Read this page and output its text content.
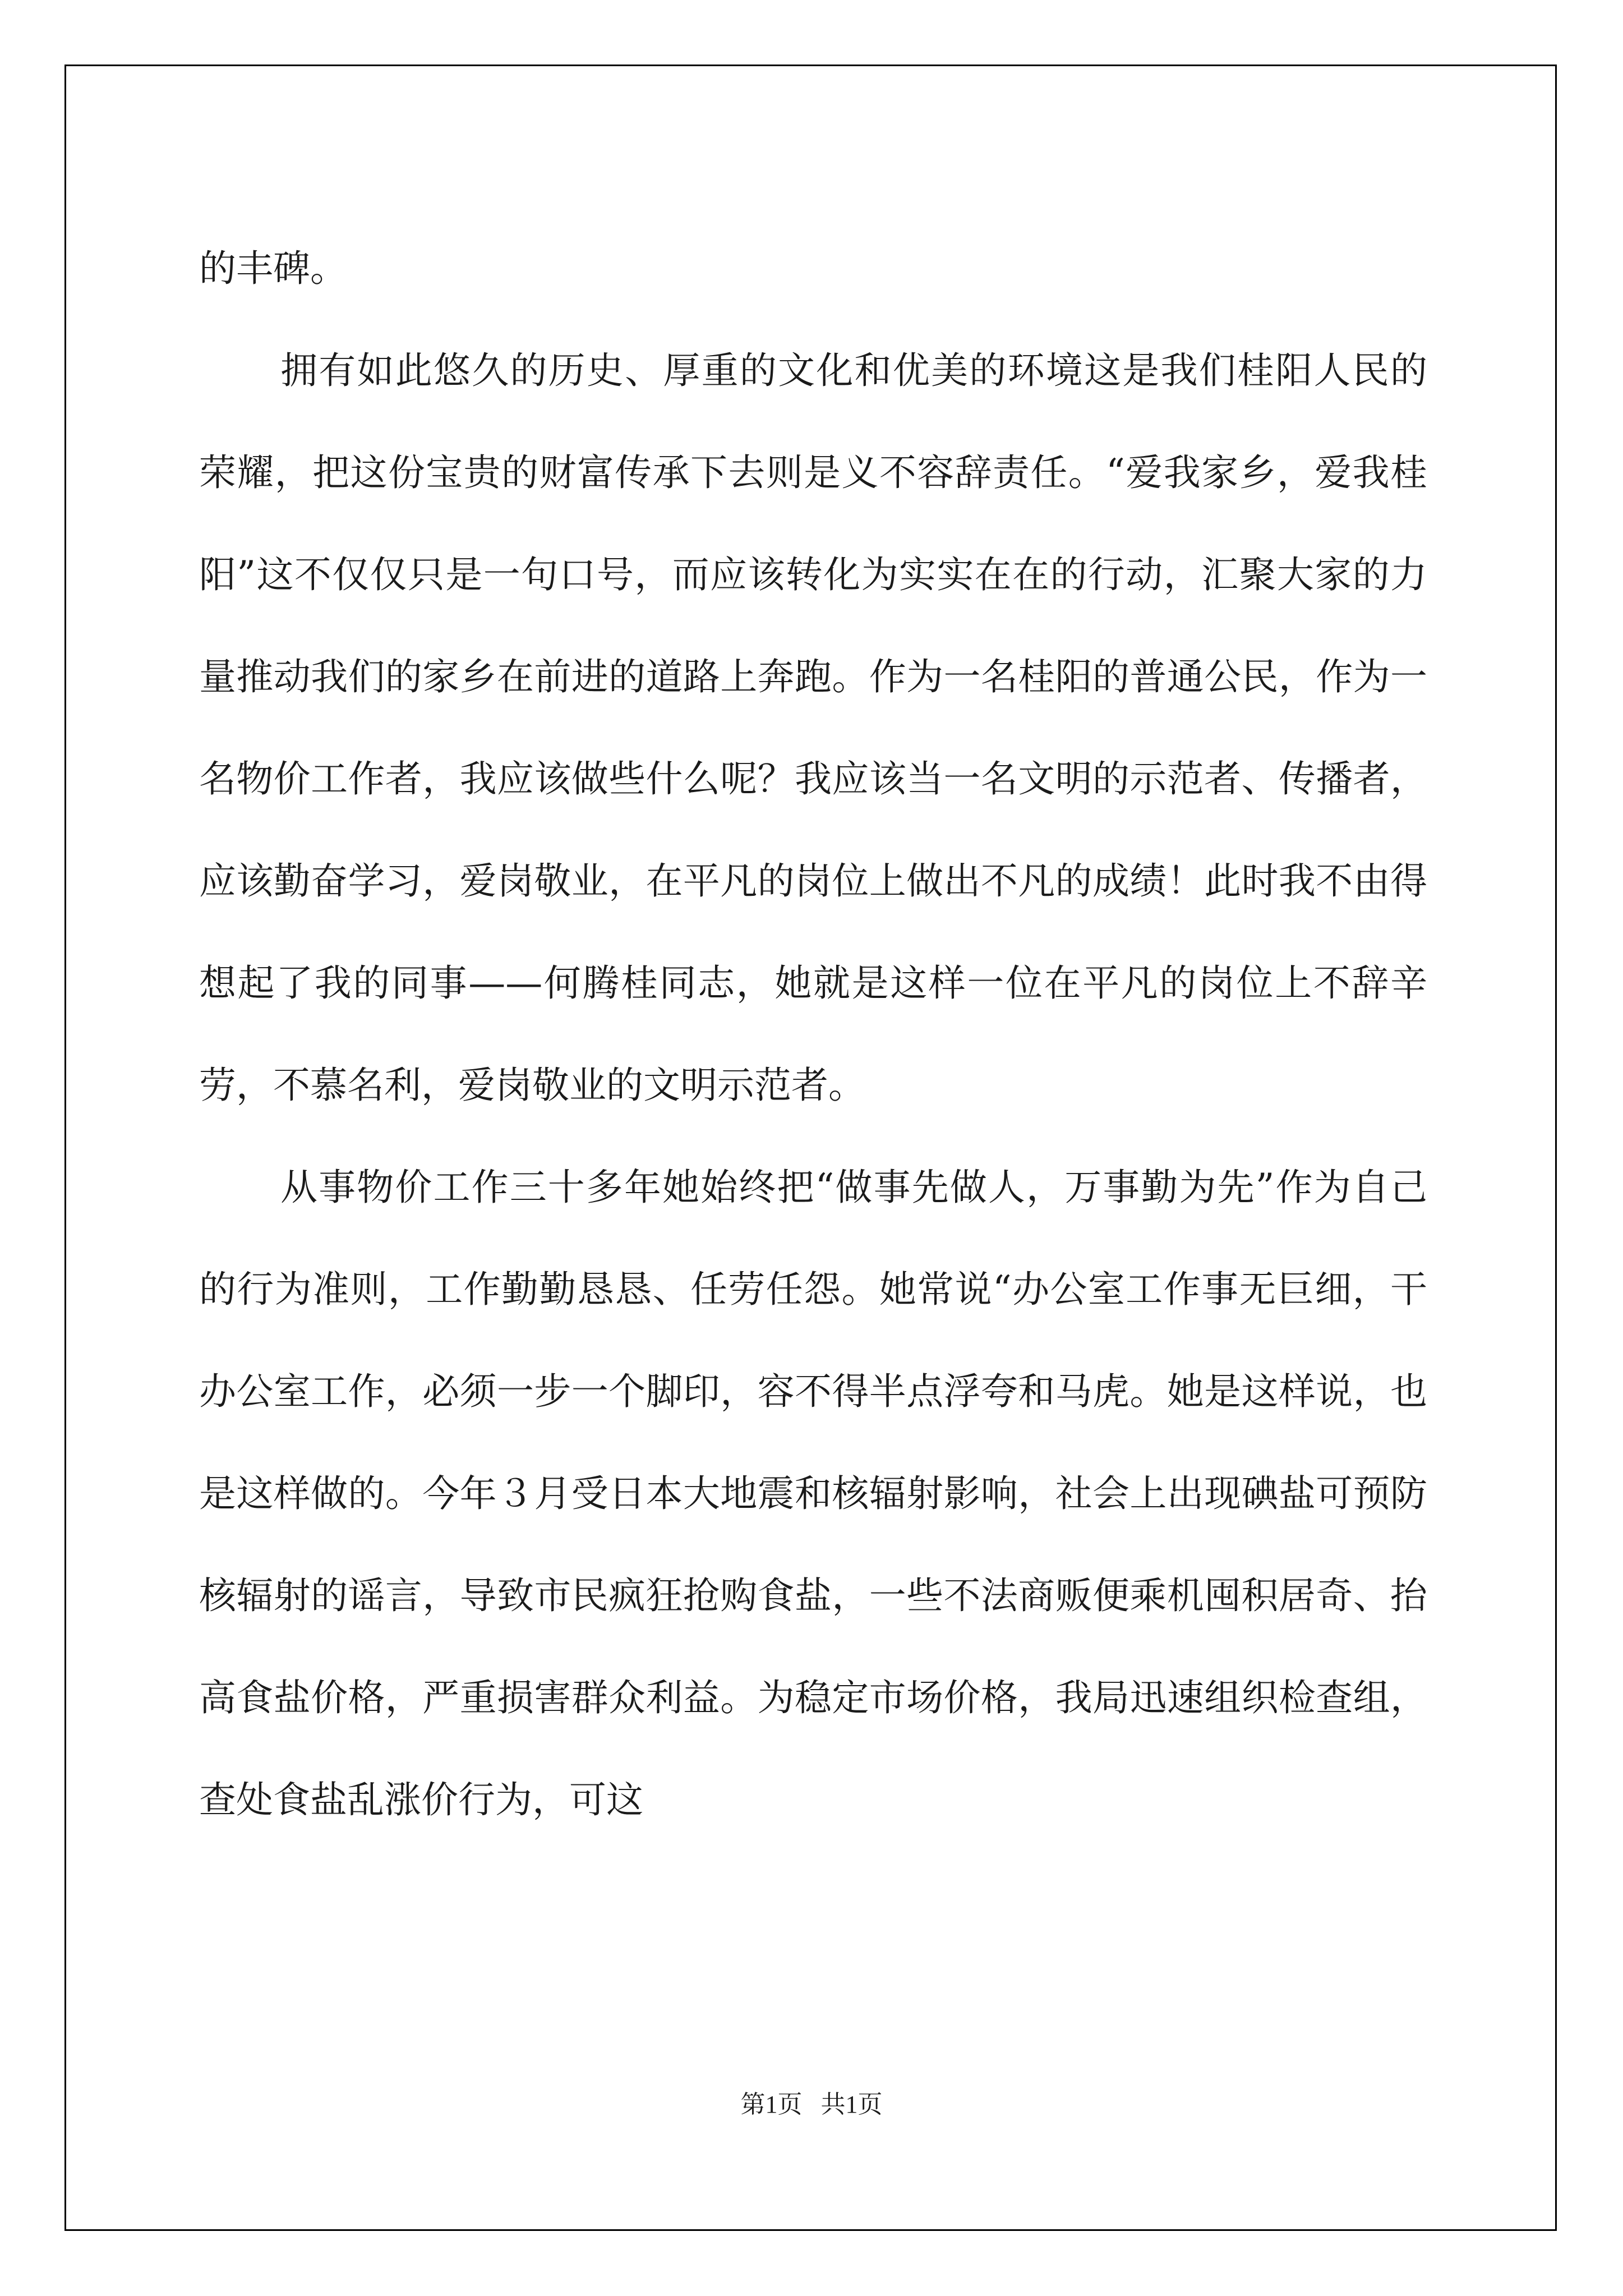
的丰碑。

拥有如此悠久的历史、厚重的文化和优美的环境这是我们桂阳人民的荣耀，把这份宝贵的财富传承下去则是义不容辞责任。“爱我家乡，爱我桂阳”这不仅仅只是一句口号，而应该转化为实实在在的行动，汇聚大家的力量推动我们的家乡在前进的道路上奔跑。作为一名桂阳的普通公民，作为一名物价工作者，我应该做些什么呢？我应该当一名文明的示范者、传播者，应该勤奋学习，爱岗敬业，在平凡的岗位上做出不凡的成绩！此时我不由得想起了我的同事——何腾桂同志，她就是这样一位在平凡的岗位上不辞辛劳，不慕名利，爱岗敬业的文明示范者。

从事物价工作三十多年她始终把“做事先做人，万事勤为先”作为自己的行为准则，工作勤勤恳恳、任劳任怨。她常说“办公室工作事无巨细，干办公室工作，必须一步一个脚印，容不得半点浮夸和马虎。她是这样说，也是这样做的。今年３月受日本大地震和核辐射影响，社会上出现碘盐可预防核辐射的谣言，导致市民疯狂抢购食盐，一些不法商贩便乘机囤积居奇、抬高食盐价格，严重损害群众利益。为稳定市场价格，我局迅速组织检查组，查处食盐乱涨价行为，可这

第1页   共1页
